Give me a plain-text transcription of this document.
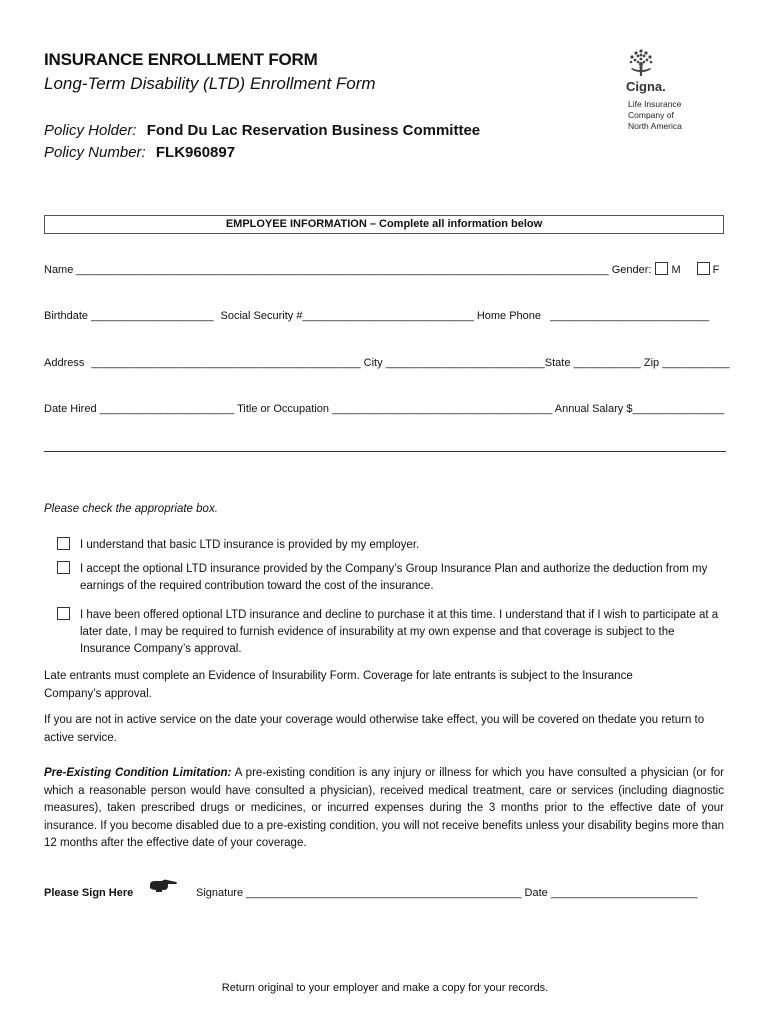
INSURANCE ENROLLMENT FORM
Long-Term Disability (LTD) Enrollment Form
Policy Holder: Fond Du Lac Reservation Business Committee
Policy Number: FLK960897
Cigna.
Life Insurance
Company of
North America
EMPLOYEE INFORMATION – Complete all information below
Name _______________________________________________________________________________________ Gender: M	F
Birthdate ____________________ Social Security #____________________________ Home Phone __________________________
Address ____________________________________________ City __________________________State ___________ Zip ___________
Date Hired ______________________ Title or Occupation ____________________________________ Annual Salary $_______________
Please check the appropriate box.
I understand that basic LTD insurance is provided by my employer.
I accept the optional LTD insurance provided by the Company’s Group Insurance Plan and authorize the deduction from my earnings of the required contribution toward the cost of the insurance.
I have been offered optional LTD insurance and decline to purchase it at this time. I understand that if I wish to participate at a later date, I may be required to furnish evidence of insurability at my own expense and that coverage is subject to the Insurance Company’s approval.
Late entrants must complete an Evidence of Insurability Form. Coverage for late entrants is subject to the Insurance Company’s approval.
If you are not in active service on the date your coverage would otherwise take effect, you will be covered on thedate you return to active service.
Pre-Existing Condition Limitation: A pre-existing condition is any injury or illness for which you have consulted a physician (or for which a reasonable person would have consulted a physician), received medical treatment, care or services (including diagnostic measures), taken prescribed drugs or medicines, or incurred expenses during the 3 months prior to the effective date of your insurance. If you become disabled due to a pre-existing condition, you will not receive benefits unless your disability begins more than 12 months after the effective date of your coverage.
Please Sign Here	Signature _____________________________________________ Date ________________________
Return original to your employer and make a copy for your records.
